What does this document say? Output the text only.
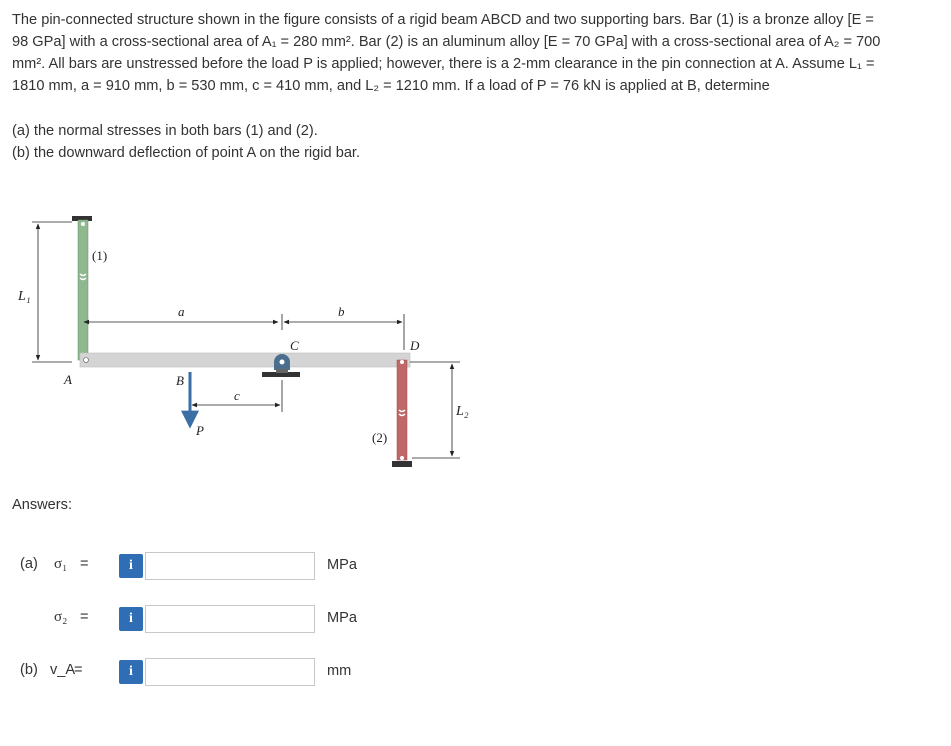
The pin-connected structure shown in the figure consists of a rigid beam ABCD and two supporting bars. Bar (1) is a bronze alloy [E =

98 GPa] with a cross-sectional area of A₁ = 280 mm². Bar (2) is an aluminum alloy [E = 70 GPa] with a cross-sectional area of A₂ = 700

mm². All bars are unstressed before the load P is applied; however, there is a 2-mm clearance in the pin connection at A. Assume L₁ =

1810 mm, a = 910 mm, b = 530 mm, c = 410 mm, and L₂ = 1210 mm. If a load of P = 76 kN is applied at B, determine

(a) the normal stresses in both bars (1) and (2).

(b) the downward deflection of point A on the rigid bar.

L₁
(1)
a	b
C
c
P
B
A
(2)
D
L₂
Answers:
(a) σ₁ =	i	MPa
σ₂ =	i	MPa
(b) v_A
=	i	mm
